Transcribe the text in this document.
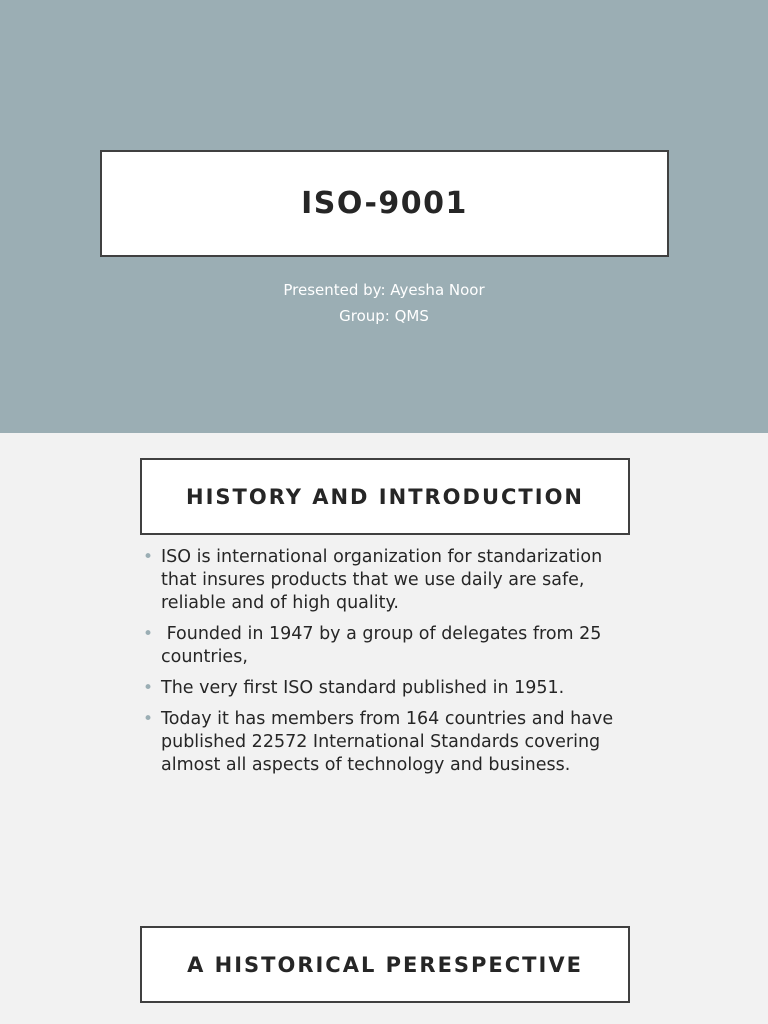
ISO-9001
Presented by: Ayesha Noor
Group: QMS
HISTORY AND INTRODUCTION
• ISO is international organization for standarization that insures products that we use daily are safe, reliable and of high quality.
• Founded in 1947 by a group of delegates from 25 countries,
• The very first ISO standard published in 1951.
• Today it has members from 164 countries and have published 22572 International Standards covering almost all aspects of technology and business.
A HISTORICAL PERESPECTIVE
